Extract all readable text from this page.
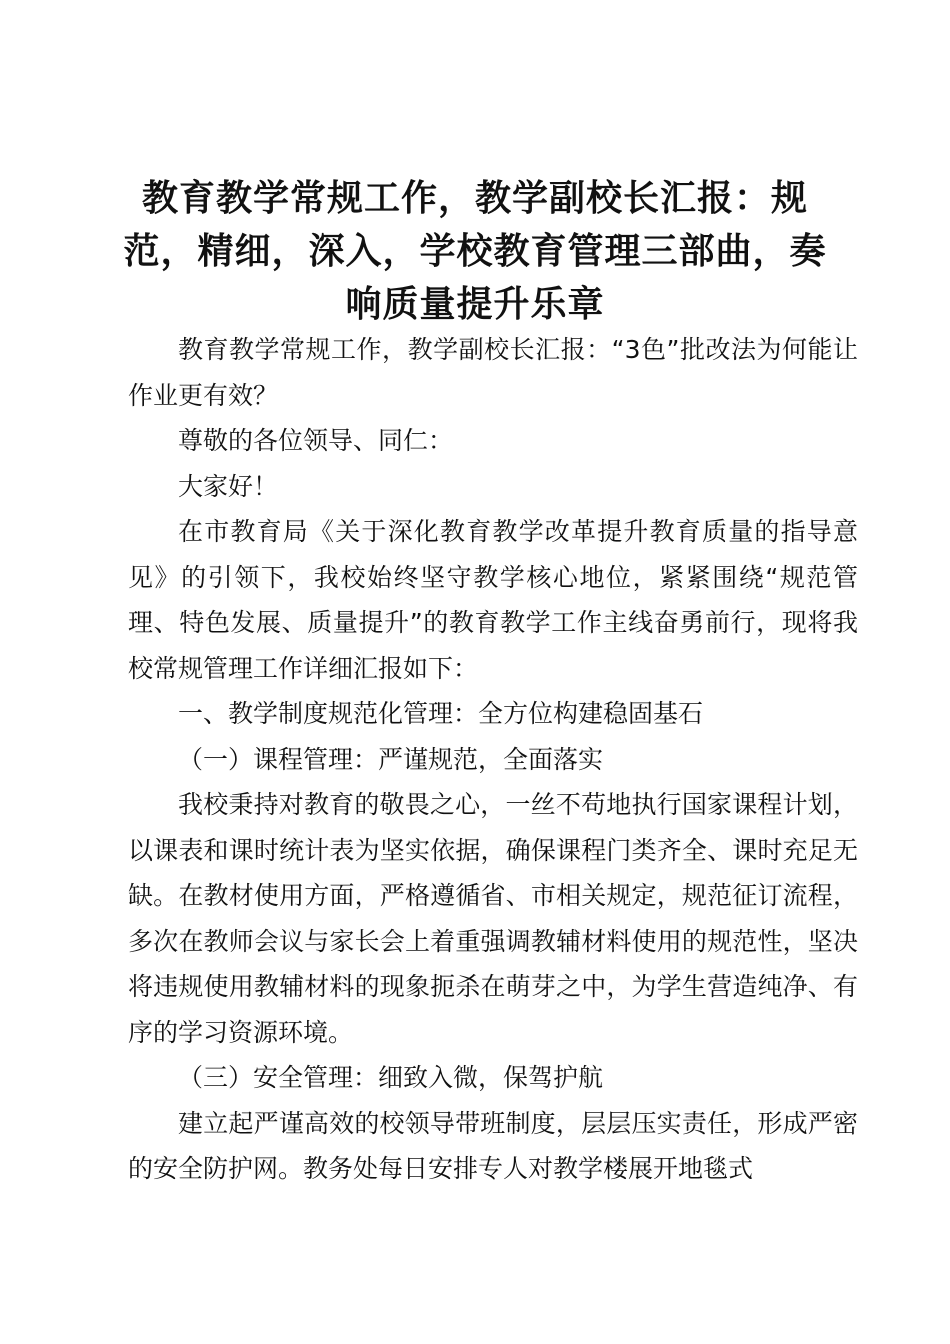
教育教学常规工作，教学副校长汇报：规范，精细，深入，学校教育管理三部曲，奏响质量提升乐章

教育教学常规工作，教学副校长汇报：“3色”批改法为何能让作业更有效？

尊敬的各位领导、同仁：

大家好！

在市教育局《关于深化教育教学改革提升教育质量的指导意见》的引领下，我校始终坚守教学核心地位，紧紧围绕“规范管理、特色发展、质量提升”的教育教学工作主线奋勇前行，现将我校常规管理工作详细汇报如下：

一、教学制度规范化管理：全方位构建稳固基石

（一）课程管理：严谨规范，全面落实

我校秉持对教育的敬畏之心，一丝不苟地执行国家课程计划，以课表和课时统计表为坚实依据，确保课程门类齐全、课时充足无缺。在教材使用方面，严格遵循省、市相关规定，规范征订流程，多次在教师会议与家长会上着重强调教辅材料使用的规范性，坚决将违规使用教辅材料的现象扼杀在萌芽之中，为学生营造纯净、有序的学习资源环境。

（三）安全管理：细致入微，保驾护航

建立起严谨高效的校领导带班制度，层层压实责任，形成严密的安全防护网。教务处每日安排专人对教学楼展开地毯式
